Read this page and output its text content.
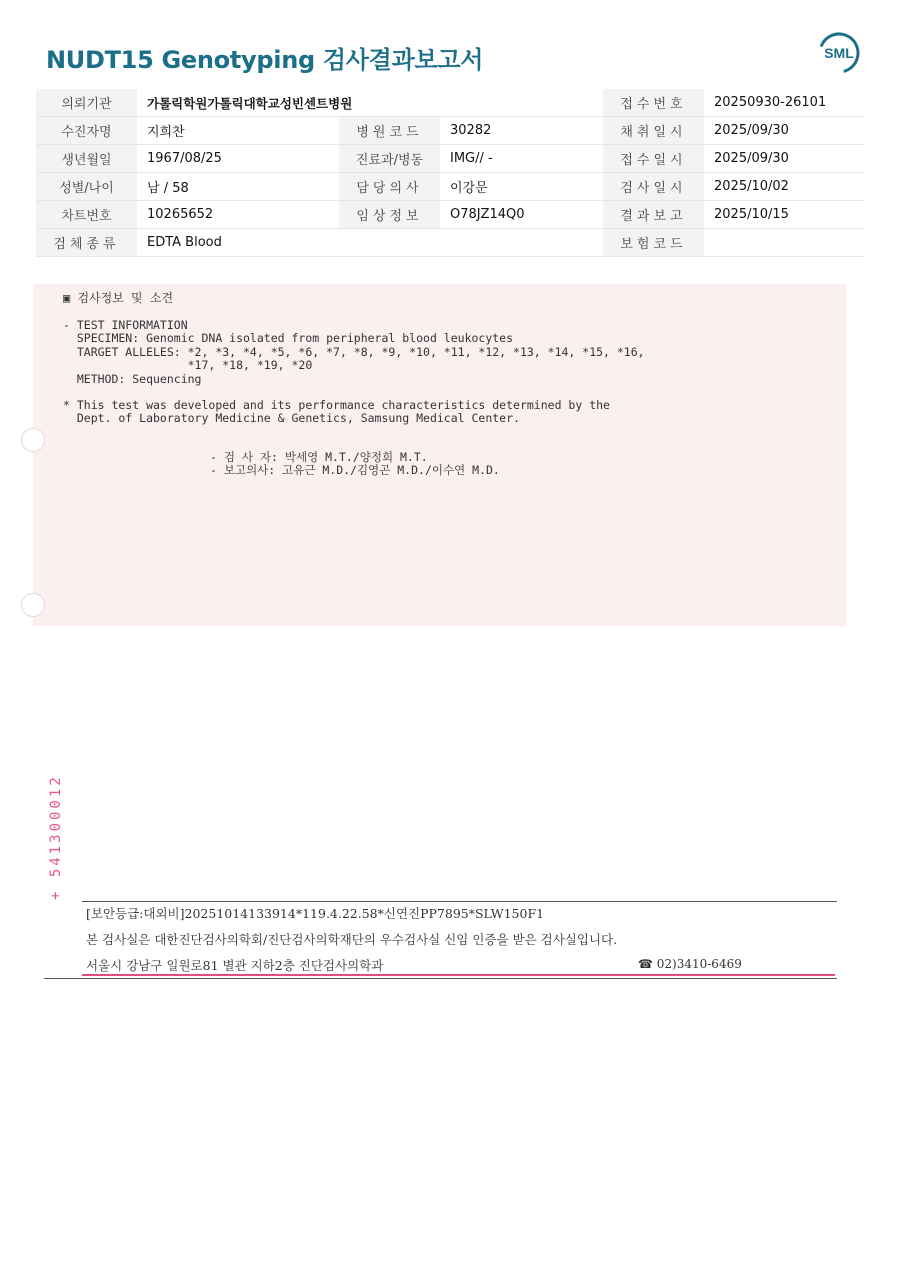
NUDT15 Genotyping 검사결과보고서	SML
의뢰기관	가톨릭학원가톨릭대학교성빈센트병원			접수번호	20250930-26101
수진자명	지희찬	병원코드	30282	채취일시	2025/09/30
생년월일	1967/08/25	진료과/병동	IMG// -	접수일시	2025/09/30
성별/나이	남 / 58	담당의사	이강문	검사일시	2025/10/02
차트번호	10265652	임상정보	O78JZ14Q0	결과보고	2025/10/15
검체종류	EDTA Blood			보험코드	
▣ 검사정보 및 소견
- TEST INFORMATION
SPECIMEN: Genomic DNA isolated from peripheral blood leukocytes
TARGET ALLELES: *2, *3, *4, *5, *6, *7, *8, *9, *10, *11, *12, *13, *14, *15, *16,
*17, *18, *19, *20
METHOD: Sequencing
* This test was developed and its performance characteristics determined by the
Dept. of Laboratory Medicine & Genetics, Samsung Medical Center.
- 검 사 자: 박세영 M.T./양정희 M.T.
- 보고의사: 고유근 M.D./김영곤 M.D./이수연 M.D.
+ 541300012
[보안등급:대외비]20251014133914*119.4.22.58*신연진PP7895*SLW150F1
본 검사실은 대한진단검사의학회/진단검사의학재단의 우수검사실 신임 인증을 받은 검사실입니다.
서울시 강남구 일원로81 별관 지하2층 진단검사의학과	☎ 02)3410-6469
